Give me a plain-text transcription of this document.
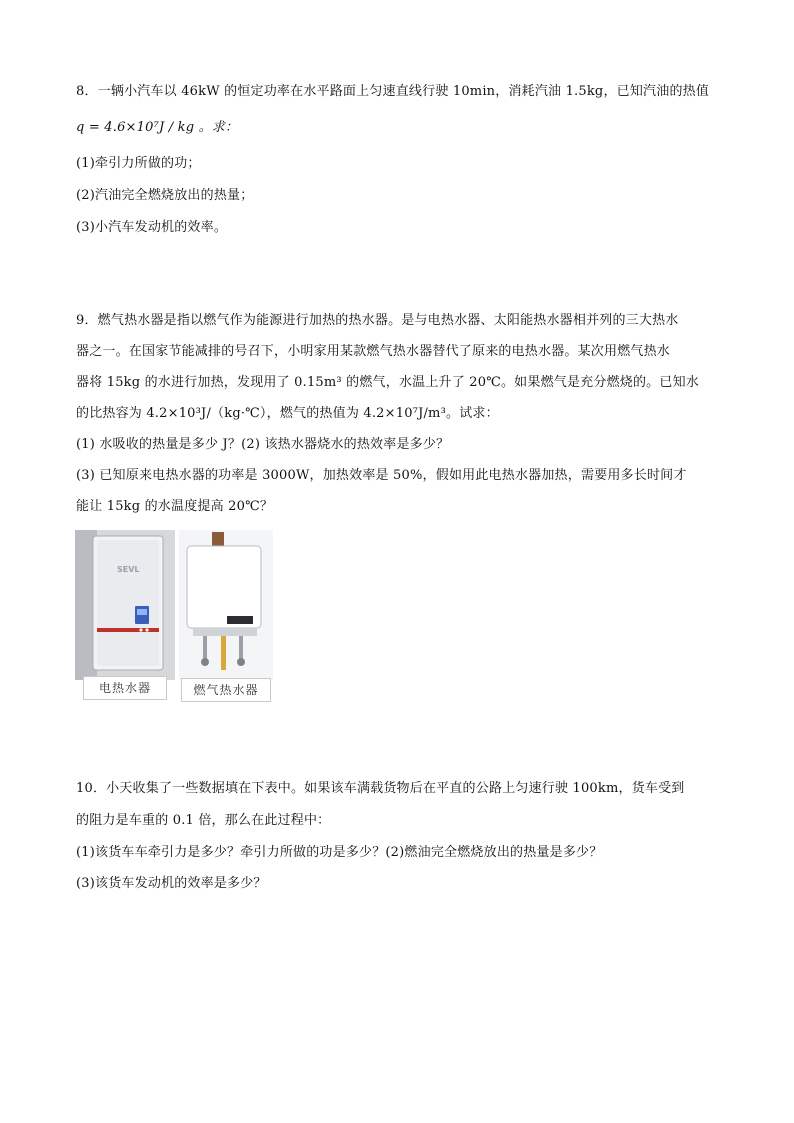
8．一辆小汽车以 46kW 的恒定功率在水平路面上匀速直线行驶 10min，消耗汽油 1.5kg，已知汽油的热值
q = 4.6×10⁷J / kg 。求：
(1)牵引力所做的功；
(2)汽油完全燃烧放出的热量；
(3)小汽车发动机的效率。
9．燃气热水器是指以燃气作为能源进行加热的热水器。是与电热水器、太阳能热水器相并列的三大热水
器之一。在国家节能减排的号召下，小明家用某款燃气热水器替代了原来的电热水器。某次用燃气热水
器将 15kg 的水进行加热，发现用了 0.15m³ 的燃气，水温上升了 20℃。如果燃气是充分燃烧的。已知水
的比热容为 4.2×10³J/（kg·℃），燃气的热值为 4.2×10⁷J/m³。试求：
(1) 水吸收的热量是多少 J？(2) 该热水器烧水的热效率是多少？
(3) 已知原来电热水器的功率是 3000W，加热效率是 50%，假如用此电热水器加热，需要用多长时间才
能让 15kg 的水温度提高 20℃？
SEVL
电热水器	燃气热水器
10．小天收集了一些数据填在下表中。如果该车满载货物后在平直的公路上匀速行驶 100km，货车受到
的阻力是车重的 0.1 倍，那么在此过程中：
(1)该货车车牵引力是多少？牵引力所做的功是多少？(2)燃油完全燃烧放出的热量是多少？
(3)该货车发动机的效率是多少？
